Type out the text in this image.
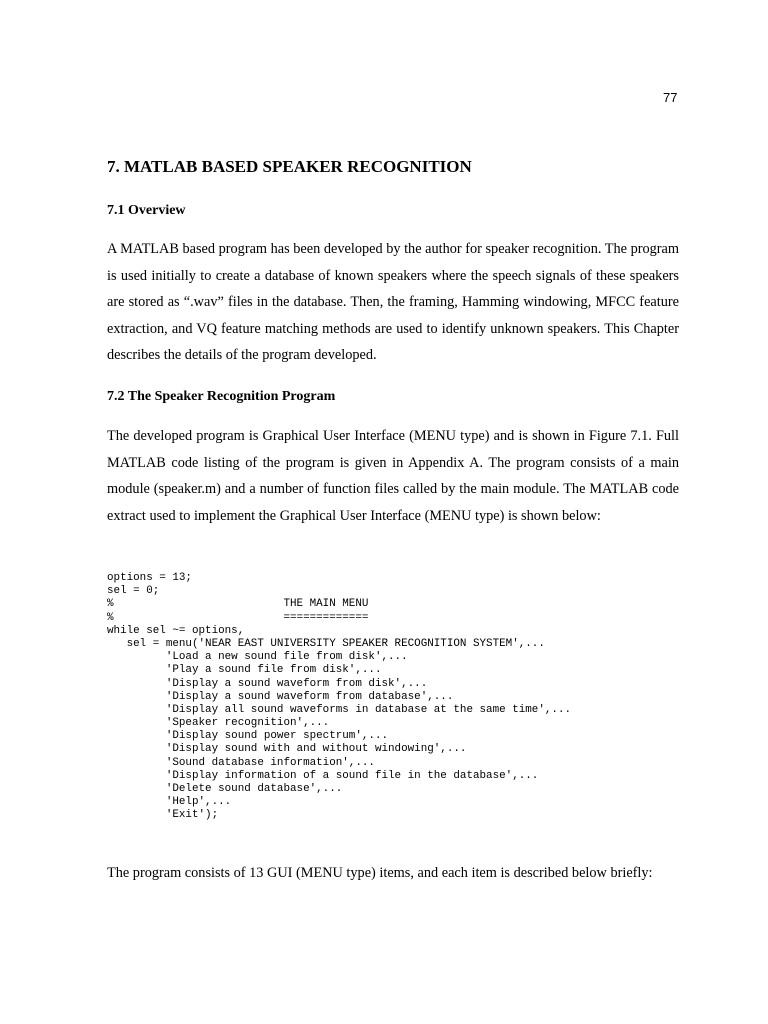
77
7. MATLAB BASED SPEAKER RECOGNITION
7.1 Overview

A MATLAB based program has been developed by the author for speaker recognition. The program is used initially to create a database of known speakers where the speech signals of these speakers are stored as “.wav” files in the database. Then, the framing, Hamming windowing, MFCC feature extraction, and VQ feature matching methods are used to identify unknown speakers. This Chapter describes the details of the program developed.

7.2 The Speaker Recognition Program

The developed program is Graphical User Interface (MENU type) and is shown in Figure 7.1. Full MATLAB code listing of the program is given in Appendix A. The program consists of a main module (speaker.m) and a number of function files called by the main module. The MATLAB code extract used to implement the Graphical User Interface (MENU type) is shown below:

options = 13;
sel = 0;
%                          THE MAIN MENU
%                          =============
while sel ~= options,
sel = menu('NEAR EAST UNIVERSITY SPEAKER RECOGNITION SYSTEM',...
'Load a new sound file from disk',...
'Play a sound file from disk',...
'Display a sound waveform from disk',...
'Display a sound waveform from database',...
'Display all sound waveforms in database at the same time',...
'Speaker recognition',...
'Display sound power spectrum',...
'Display sound with and without windowing',...
'Sound database information',...
'Display information of a sound file in the database',...
'Delete sound database',...
'Help',...
'Exit');

The program consists of 13 GUI (MENU type) items, and each item is described below briefly:
